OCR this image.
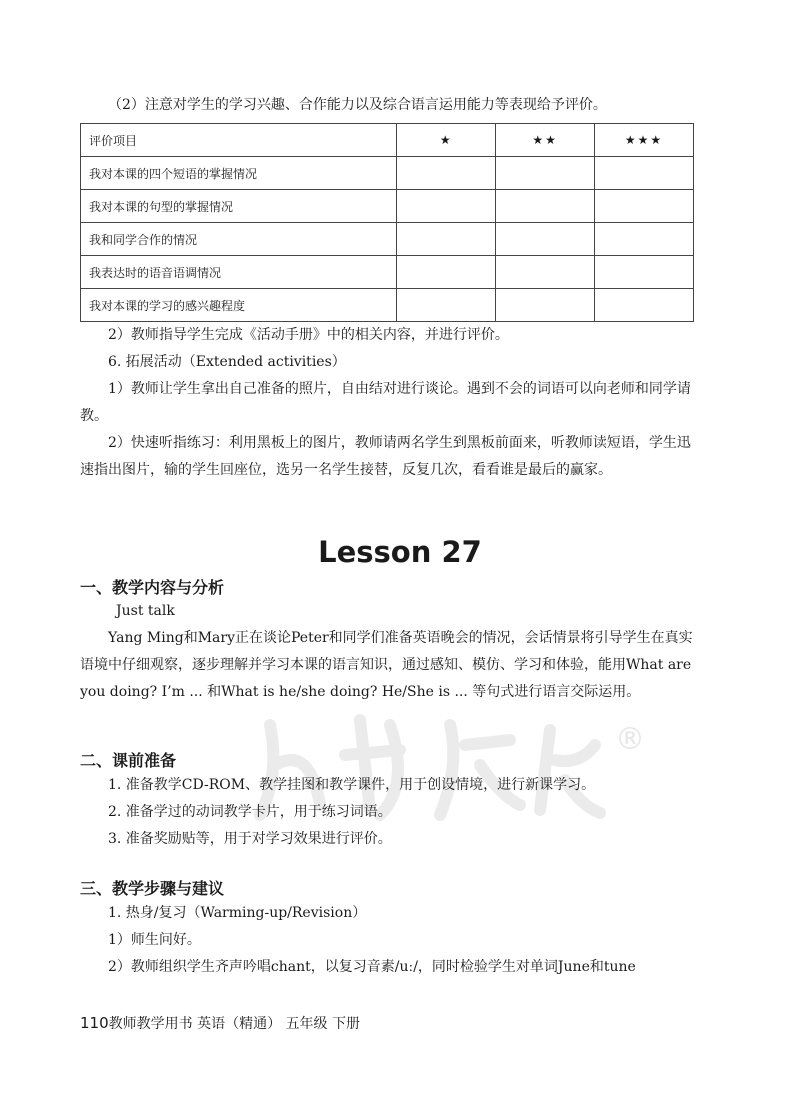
®

（2）注意对学生的学习兴趣、合作能力以及综合语言运用能力等表现给予评价。

评价项目	★	★★	★★★
我对本课的四个短语的掌握情况			
我对本课的句型的掌握情况			
我和同学合作的情况			
我表达时的语音语调情况			
我对本课的学习的感兴趣程度			

2）教师指导学生完成《活动手册》中的相关内容，并进行评价。

6. 拓展活动（Extended activities）

1）教师让学生拿出自己准备的照片，自由结对进行谈论。遇到不会的词语可以向老师和同学请教。

2）快速听指练习：利用黑板上的图片，教师请两名学生到黑板前面来，听教师读短语，学生迅速指出图片，输的学生回座位，选另一名学生接替，反复几次，看看谁是最后的赢家。

Lesson 27
一、教学内容与分析

Just talk

Yang Ming和Mary正在谈论Peter和同学们准备英语晚会的情况，会话情景将引导学生在真实语境中仔细观察，逐步理解并学习本课的语言知识，通过感知、模仿、学习和体验，能用What are you doing? I’m ... 和What is he/she doing? He/She is ... 等句式进行语言交际运用。

二、课前准备

1. 准备教学CD-ROM、教学挂图和教学课件，用于创设情境，进行新课学习。

2. 准备学过的动词教学卡片，用于练习词语。

3. 准备奖励贴等，用于对学习效果进行评价。

三、教学步骤与建议

1. 热身/复习（Warming-up/Revision）

1）师生问好。

2）教师组织学生齐声吟唱chant，以复习音素/uː/，同时检验学生对单词June和tune

110教师教学用书 英语（精通） 五年级 下册
